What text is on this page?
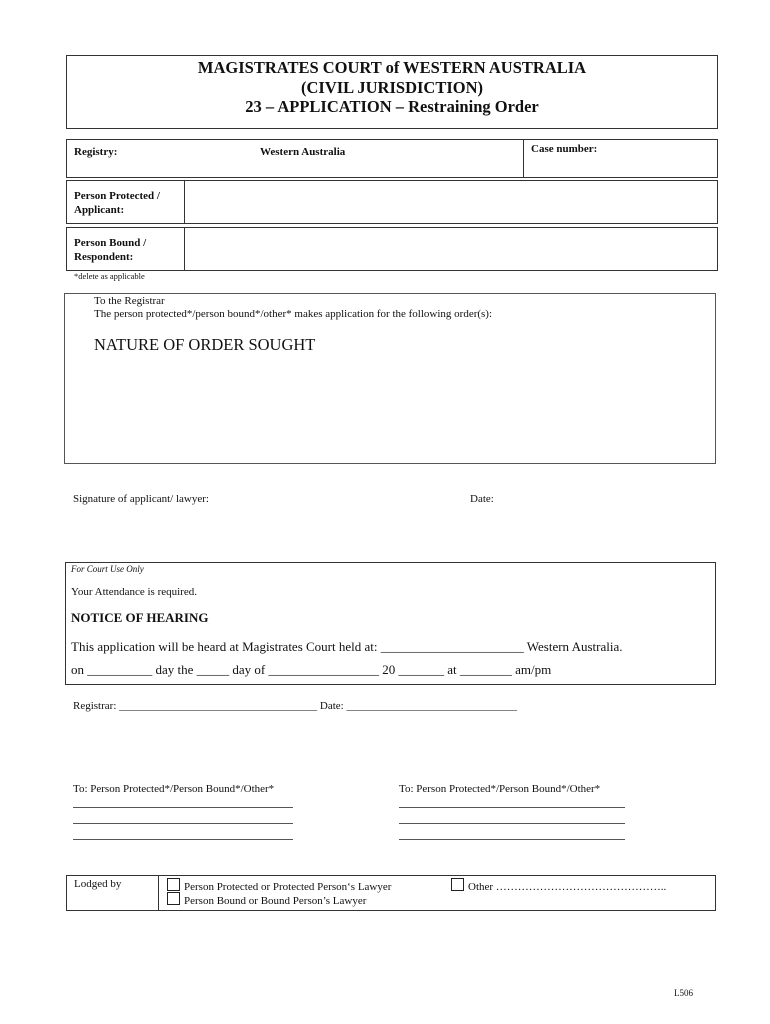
MAGISTRATES COURT of WESTERN AUSTRALIA
(CIVIL JURISDICTION)
23 – APPLICATION – Restraining Order
Registry:	Western Australia	Case number:
Person Protected / Applicant:
Person Bound / Respondent:
*delete as applicable
To the Registrar
The person protected*/person bound*/other* makes application for the following order(s):
NATURE OF ORDER SOUGHT
Signature of applicant/ lawyer:	Date:
For Court Use Only
Your Attendance is required.
NOTICE OF HEARING
This application will be heard at Magistrates Court held at: ______________________ Western Australia.
on __________ day the _____ day of _________________ 20 _______ at ________ am/pm
Registrar: ____________________________________ Date: _______________________________
To: Person Protected*/Person Bound*/Other*	To: Person Protected*/Person Bound*/Other*
Lodged by	Person Protected or Protected Person‘s Lawyer
Person Bound or Bound Person’s Lawyer
Other ………………………………………..
L506
